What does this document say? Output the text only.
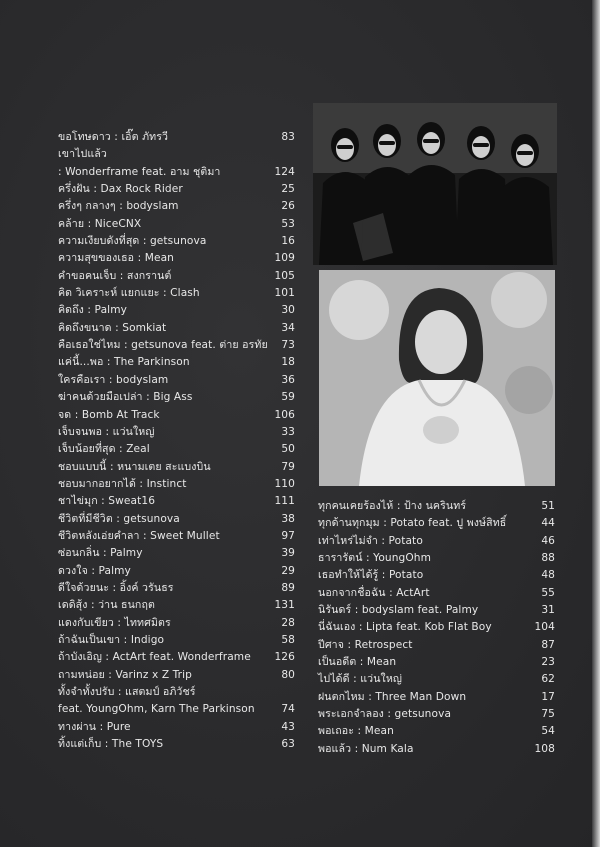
ขอโทษดาว : เอิ๊ต ภัทรวี	83
เขาไปแล้ว
: Wonderframe feat. อาม ชุติมา	124
ครึ่งฝัน : Dax Rock Rider	25
ครึ่งๆ กลางๆ : bodyslam	26
คล้าย : NiceCNX	53
ความเงียบดังที่สุด : getsunova	16
ความสุขของเธอ : Mean	109
คำขอคนเจ็บ : สงกรานต์	105
คิด วิเคราะห์ แยกแยะ : Clash	101
คิดถึง : Palmy	30
คิดถึงขนาด : Somkiat	34
คือเธอใช่ไหม : getsunova feat. ต่าย อรทัย 73
แค่นี้...พอ : The Parkinson	18
ใครคือเรา : bodyslam	36
ฆ่าคนด้วยมือเปล่า : Big Ass	59
จด : Bomb At Track	106
เจ็บจนพอ : แว่นใหญ่	33
เจ็บน้อยที่สุด : Zeal	50
ชอบแบบนี้ : หนามเตย สะแบงบิน	79
ชอบมากอยากได้ : Instinct	110
ชาไข่มุก : Sweat16	111
ชีวิตที่มีชีวิต : getsunova	38
ชีวิตหลังเอ่ยคำลา : Sweet Mullet	97
ซ่อนกลิ่น : Palmy	39
ดวงใจ : Palmy	29
ดีใจด้วยนะ : อิ้งค์ วรันธร	89
เดดิสุ้ง : ว่าน ธนกฤต	131
แดงกับเขียว : ไททศมิตร	28
ถ้าฉันเป็นเขา : Indigo	58
ถ้าบังเอิญ : ActArt feat. Wonderframe 126
ถามหน่อย : Varinz x Z Trip	80
ทั้งจำทั้งปรับ : แสตมป์ อภิวัชร์
feat. YoungOhm, Karn The Parkinson	74
ทางผ่าน : Pure	43
ทิ้งแต่เก็บ : The TOYS	63
ทุกคนเคยร้องไห้ : ป้าง นครินทร์	51
ทุกด้านทุกมุม : Potato feat. ปู พงษ์สิทธิ์	44
เท่าไหร่ไม่จำ : Potato	46
ธารารัตน์ : YoungOhm	88
เธอทำให้ได้รู้ : Potato	48
นอกจากชื่อฉัน : ActArt	55
นิรันดร์ : bodyslam feat. Palmy	31
นี่ฉันเอง : Lipta feat. Kob Flat Boy	104
ปีศาจ : Retrospect	87
เป็นอดีต : Mean	23
ไปได้ดี : แว่นใหญ่	62
ฝนตกไหม : Three Man Down	17
พระเอกจำลอง : getsunova	75
พอเถอะ : Mean	54
พอแล้ว : Num Kala	108
